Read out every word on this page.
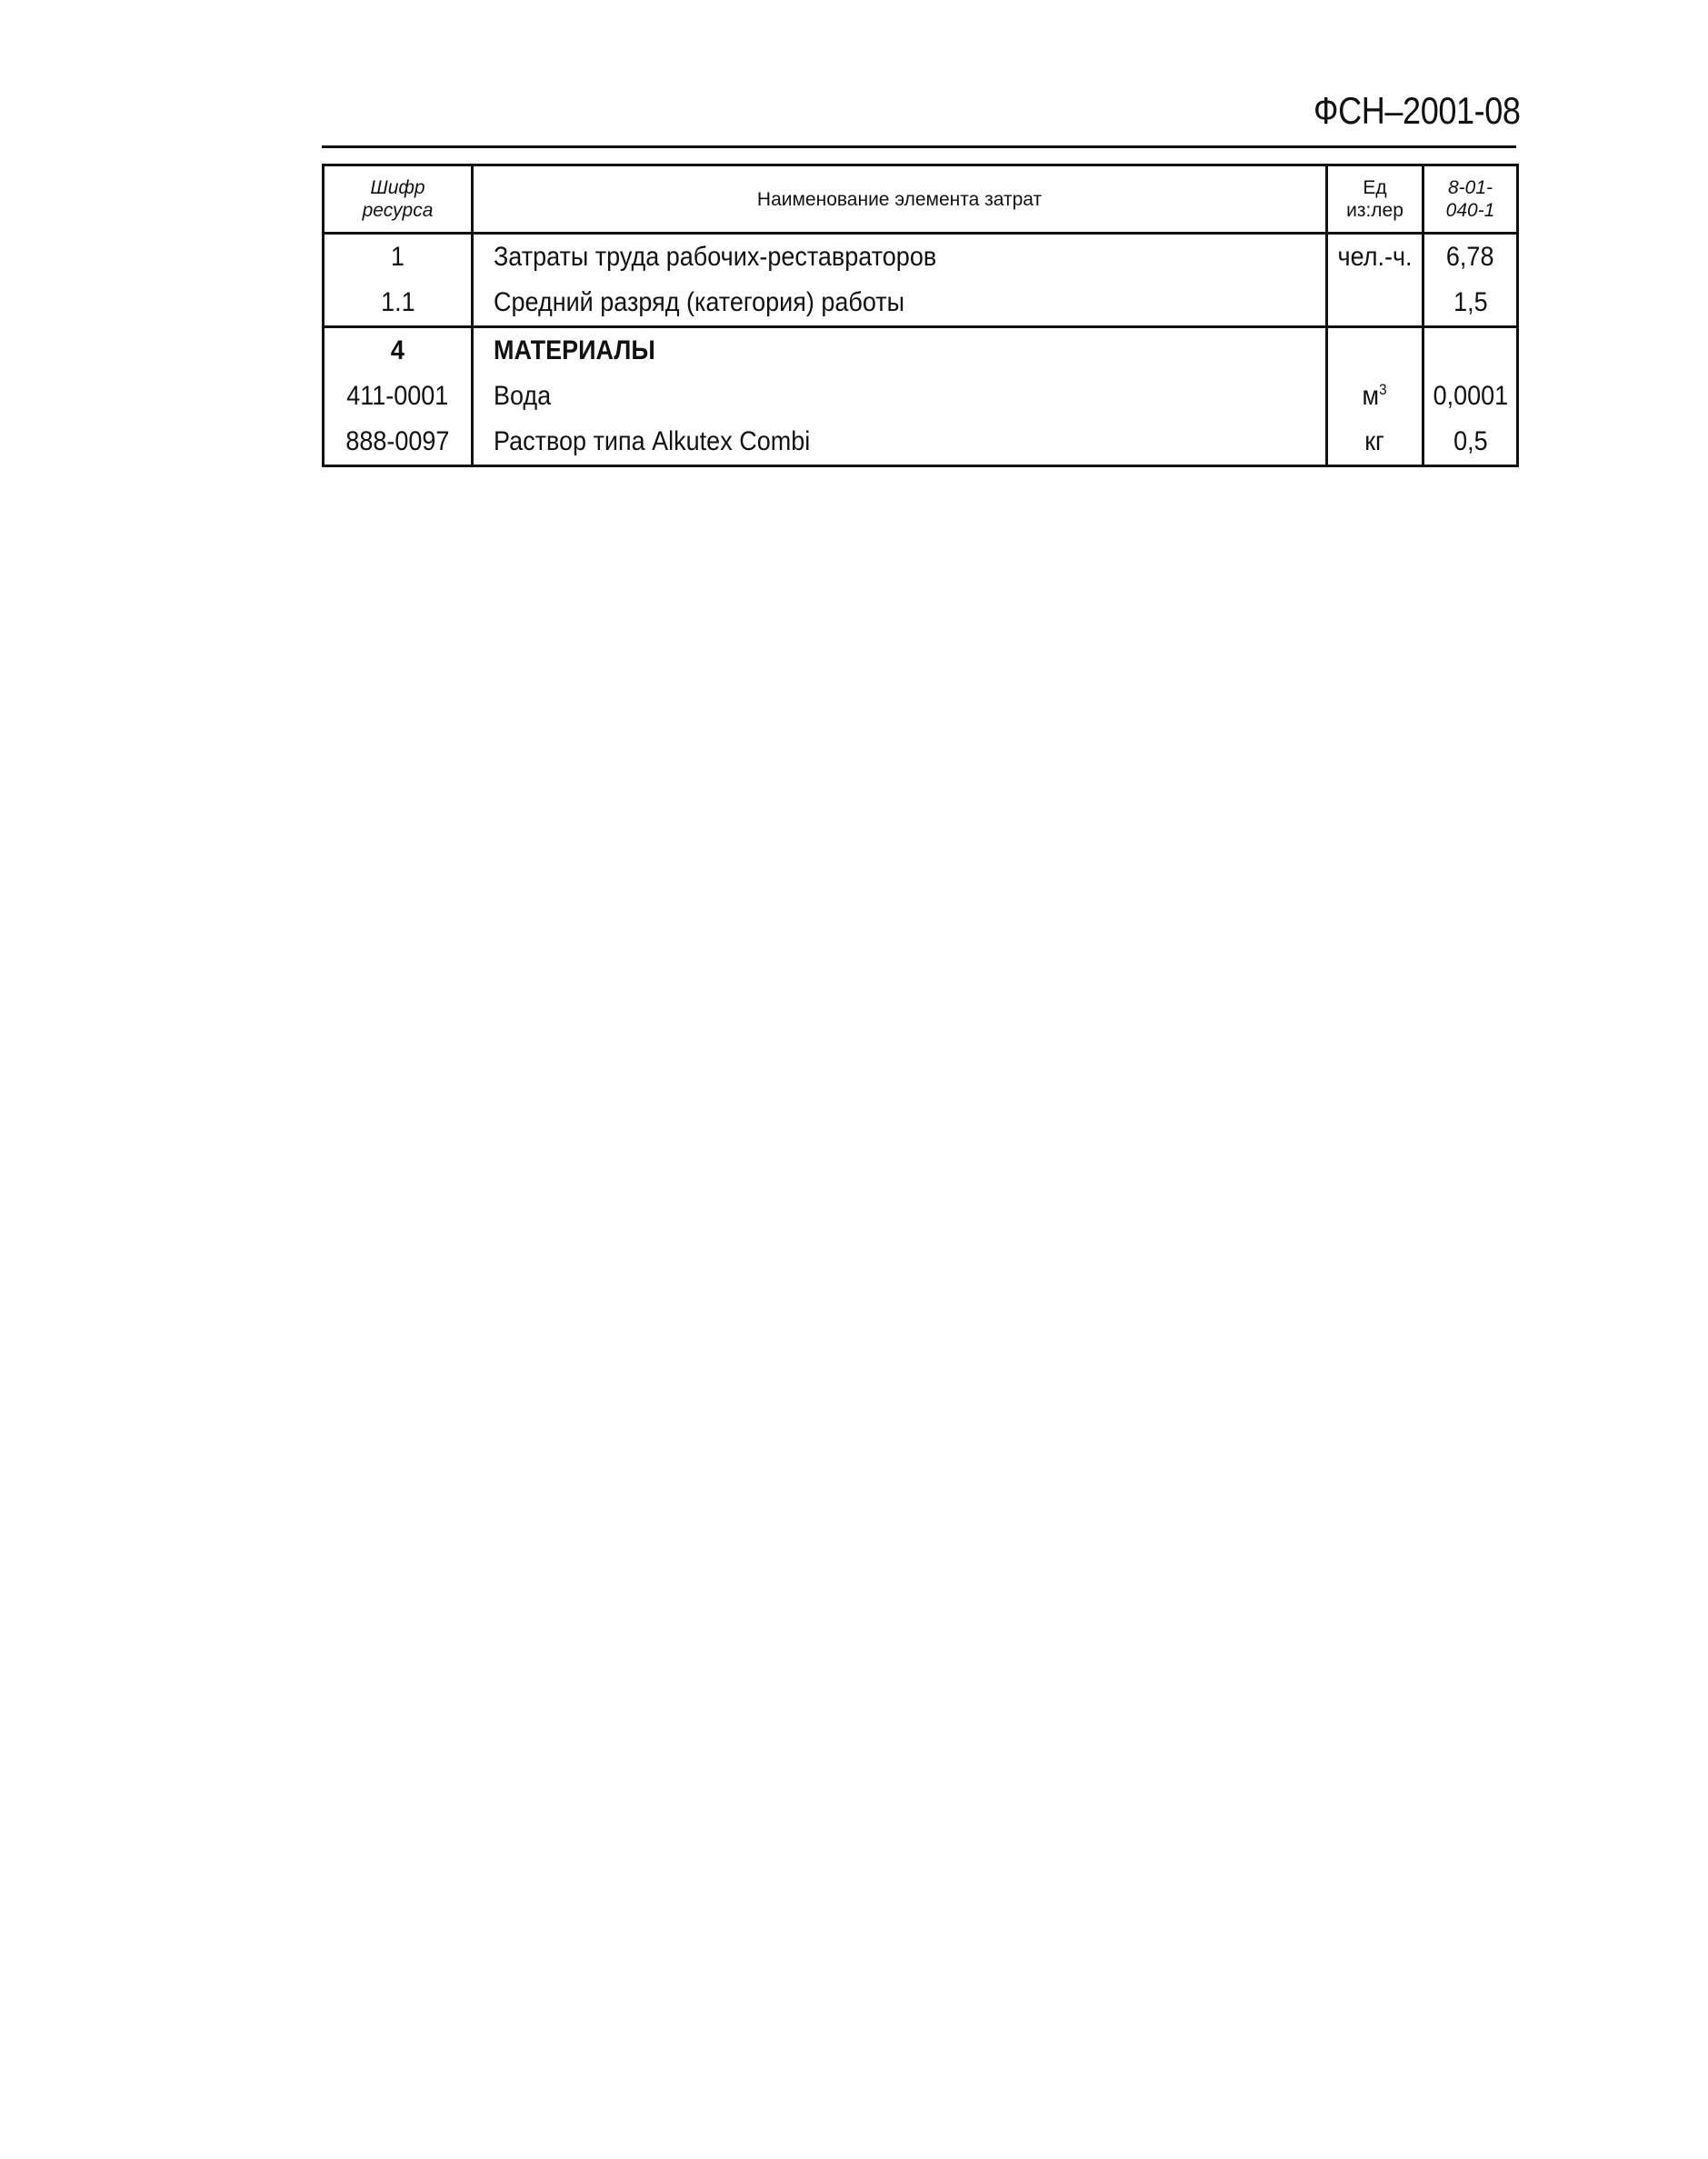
ФСН–2001-08
Шифр ресурса	Наименование элемента затрат	Ед из:лер	8-01-040-1
1	Затраты труда рабочих-реставраторов	чел.-ч.	6,78
1.1	Средний разряд (категория) работы		1,5
4	МАТЕРИАЛЫ		
411-0001	Вода	$м^3$	0,0001
888-0097	Раствор типа Alkutex Combi	кг	0,5
